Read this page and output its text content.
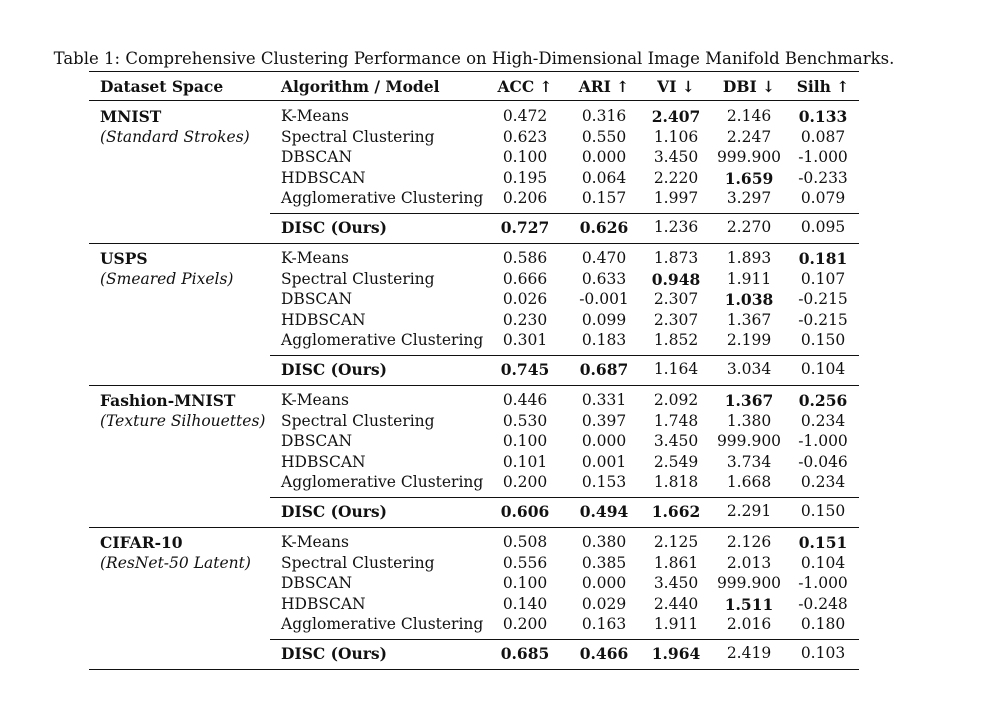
Table 1: Comprehensive Clustering Performance on High-Dimensional Image Manifold Benchmarks.
Dataset Space	Algorithm / Model	ACC ↑ ARI ↑ VI ↓ DBI ↓ Silh ↑
MNIST
(Standard Strokes)
K-Means	0.472 0.316 2.407 2.146 0.133
Spectral Clustering	0.623 0.550 1.106 2.247 0.087
DBSCAN	0.100 0.000 3.450 999.900 -1.000
HDBSCAN	0.195 0.064 2.220 1.659 -0.233
Agglomerative Clustering 0.206 0.157 1.997 3.297 0.079
DISC (Ours)	0.727 0.626 1.236 2.270 0.095
USPS
(Smeared Pixels)
K-Means	0.586 0.470 1.873 1.893 0.181
Spectral Clustering	0.666 0.633 0.948 1.911 0.107
DBSCAN	0.026 -0.001 2.307 1.038 -0.215
HDBSCAN	0.230 0.099 2.307 1.367 -0.215
Agglomerative Clustering 0.301 0.183 1.852 2.199 0.150
DISC (Ours)	0.745 0.687 1.164 3.034 0.104
Fashion-MNIST
(Texture Silhouettes)
K-Means	0.446 0.331 2.092 1.367 0.256
Spectral Clustering	0.530 0.397 1.748 1.380 0.234
DBSCAN	0.100 0.000 3.450 999.900 -1.000
HDBSCAN	0.101 0.001 2.549 3.734 -0.046
Agglomerative Clustering 0.200 0.153 1.818 1.668 0.234
DISC (Ours)	0.606 0.494 1.662 2.291 0.150
CIFAR-10
(ResNet-50 Latent)
K-Means	0.508 0.380 2.125 2.126 0.151
Spectral Clustering	0.556 0.385 1.861 2.013 0.104
DBSCAN	0.100 0.000 3.450 999.900 -1.000
HDBSCAN	0.140 0.029 2.440 1.511 -0.248
Agglomerative Clustering 0.200 0.163 1.911 2.016 0.180
DISC (Ours)	0.685 0.466 1.964 2.419 0.103
